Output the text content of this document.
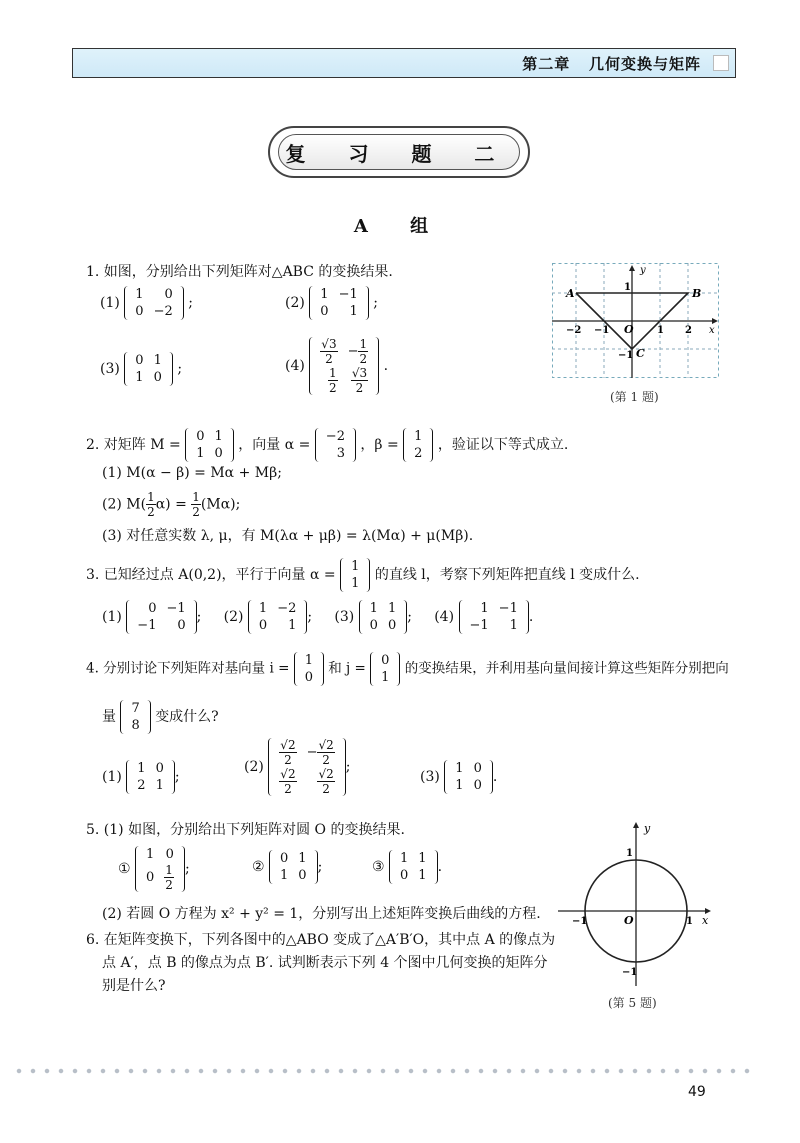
第二章 几何变换与矩阵
复 习 题 二
A 组
1. 如图，分别给出下列矩阵对△ABC 的变换结果.
(1)
1	0
0	−2
;	(2)
1	−1
0	1
;
(3)
0	1
1	0
;	$(4) \frac{√3}{2}$	− $\frac{1}{2}$

$\frac{1}{2}$	$\frac{√3}{2}$ .
y
x
A	B
C
O
−2 −1	1 2
1
−1
(第 1 题)
2. 对矩阵 M =
0	1
1	0
，向量 α =
−2
3
，β =
1
2
，验证以下等式成立.
(1) M(α − β) = Mα + Mβ;
(2) $M( \frac{1}{2} \alpha) = \frac{1}{2} (M\alpha)$;
(3) 对任意实数 λ, μ，有 M(λα + μβ) = λ(Mα) + μ(Mβ).
3. 已知经过点 A(0,2)，平行于向量 α =
1
1
的直线 l，考察下列矩阵把直线 l 变成什么.
(1)
0	−1
−1	0
; (2)
1	−2
0	1
; (3)
1	1
0	0
; (4)
1	−1
−1	1
.
4. 分别讨论下列矩阵对基向量 i = 1
0
和 j = 0
1
的变换结果，并利用基向量间接计算这些矩阵分别把向
量
7
8
变成什么?
(1)
1	0
2	1
;
$(2) \frac{√2}{2}$	− $\frac{√2}{2}$

$\frac{√2}{2}$	$\frac{√2}{2}$ ;
(3)
1	0
1	0
.
5. (1) 如图，分别给出下列矩阵对圆 O 的变换结果.
①
1	0
0	$\frac{1}{2}$ ;	②
0	1
1	0
;	③
1	1
0	1
.
(2) 若圆 O 方程为 x² + y² = 1，分别写出上述矩阵变换后曲线的方程.
y
x
O
−1	1
1
−1
(第 5 题)
6. 在矩阵变换下，下列各图中的△ABO 变成了△A′B′O，其中点 A 的像点为
点 A′，点 B 的像点为点 B′. 试判断表示下列 4 个图中几何变换的矩阵分
别是什么?
49
